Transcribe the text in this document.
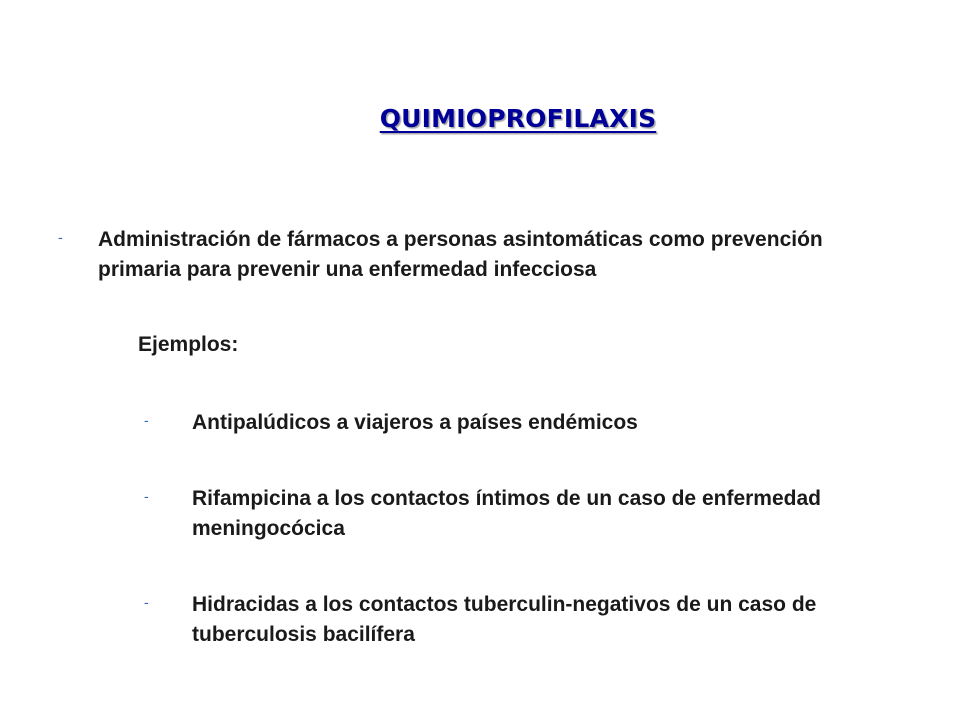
QUIMIOPROFILAXIS
-	Administración de fármacos a personas asintomáticas como prevención primaria para prevenir una enfermedad infecciosa
Ejemplos:
-	Antipalúdicos a viajeros a países endémicos
-	Rifampicina a los contactos íntimos de un caso de enfermedad meningocócica
-	Hidracidas a los contactos tuberculin-negativos de un caso de tuberculosis bacilífera
